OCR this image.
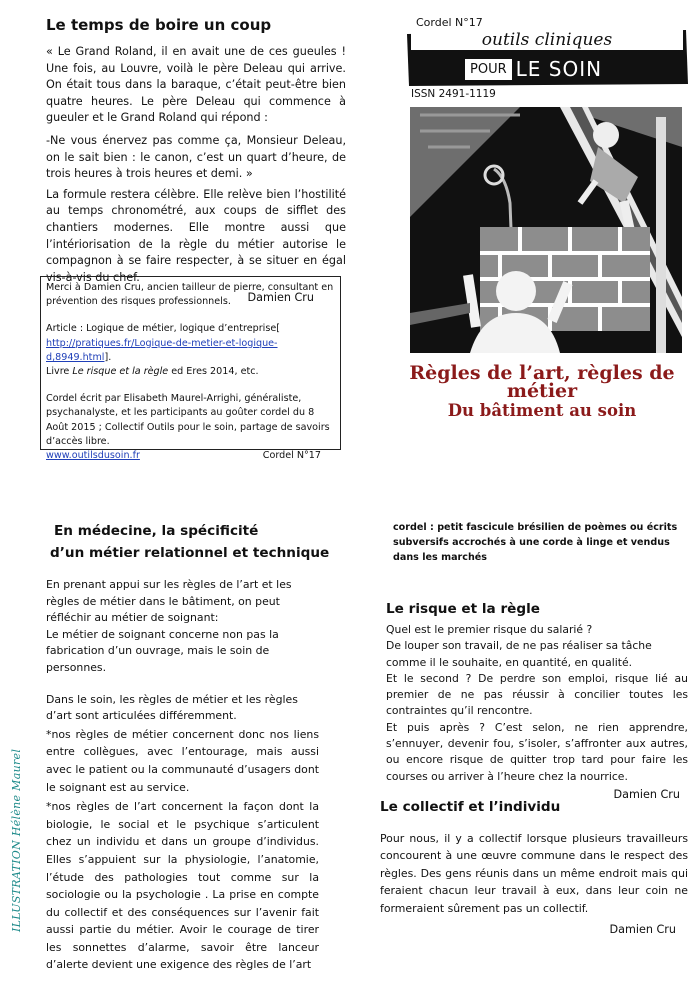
Le temps de boire un coup

« Le Grand Roland, il en avait une de ces gueules ! Une fois, au Louvre, voilà le père Deleau qui arrive. On était tous dans la baraque, c’était peut-être bien quatre heures. Le père Deleau qui commence à gueuler et le Grand Roland qui répond :

-Ne vous énervez pas comme ça, Monsieur Deleau, on le sait bien : le canon, c’est un quart d’heure, de trois heures à trois heures et demi. »

La formule restera célèbre. Elle relève bien l’hostilité au temps chronométré, aux coups de sifflet des chantiers modernes. Elle montre aussi que l’intériorisation de la règle du métier autorise le compagnon à se faire respecter, à se situer en égal vis-à-vis du chef.

Damien Cru

Merci à Damien Cru, ancien tailleur de pierre, consultant en prévention des risques professionnels.

Article : Logique de métier, logique d’entreprise[ http://pratiques.fr/Logique-de-metier-et-logique-d,8949.html].

Livre Le risque et la règle ed Eres 2014, etc.

Cordel écrit par Elisabeth Maurel-Arrighi, généraliste, psychanalyste, et les participants au goûter cordel du 8 Août 2015 ; Collectif Outils pour le soin, partage de savoirs d’accès libre.

www.outilsdusoin.fr	Cordel N°17
Cordel N°17
outils cliniques
POUR LE SOIN
ISSN 2491-1119
Règles de l’art, règles de
métier
Du bâtiment au soin
En médecine, la spécificité
d’un métier relationnel et technique

En prenant appui sur les règles de l’art et les règles de métier dans le bâtiment, on peut réfléchir au métier de soignant:

Le métier de soignant concerne non pas la fabrication d’un ouvrage, mais le soin de personnes.

Dans le soin, les règles de métier et les règles d’art sont articulées différemment.

*nos règles de métier concernent donc nos liens entre collègues, avec l’entourage, mais aussi avec le patient ou la communauté d’usagers dont le soignant est au service.

*nos règles de l’art concernent la façon dont la biologie, le social et le psychique s’articulent chez un individu et dans un groupe d’individus. Elles s’appuient sur la physiologie, l’anatomie, l’étude des pathologies tout comme sur la sociologie ou la psychologie . La prise en compte du collectif et des conséquences sur l’avenir fait aussi partie du métier. Avoir le courage de tirer les sonnettes d’alarme, savoir être lanceur d’alerte devient une exigence des règles de l’art

ILLUSTRATION Hélène Maurel
cordel : petit fascicule brésilien de poèmes ou écrits subversifs accrochés à une corde à linge et vendus dans les marchés
Le risque et la règle

Quel est le premier risque du salarié ?

De louper son travail, de ne pas réaliser sa tâche comme il le souhaite, en quantité, en qualité.

Et le second ? De perdre son emploi, risque lié au premier de ne pas réussir à concilier toutes les contraintes qu’il rencontre.

Et puis après ? C’est selon, ne rien apprendre, s’ennuyer, devenir fou, s’isoler, s’affronter aux autres, ou encore risque de quitter trop tard pour faire les courses ou arriver à l’heure chez la nourrice.

Damien Cru

Le collectif et l’individu

Pour nous, il y a collectif lorsque plusieurs travailleurs concourent à une œuvre commune dans le respect des règles. Des gens réunis dans un même endroit mais qui feraient chacun leur travail à eux, dans leur coin ne formeraient sûrement pas un collectif.

Damien Cru
